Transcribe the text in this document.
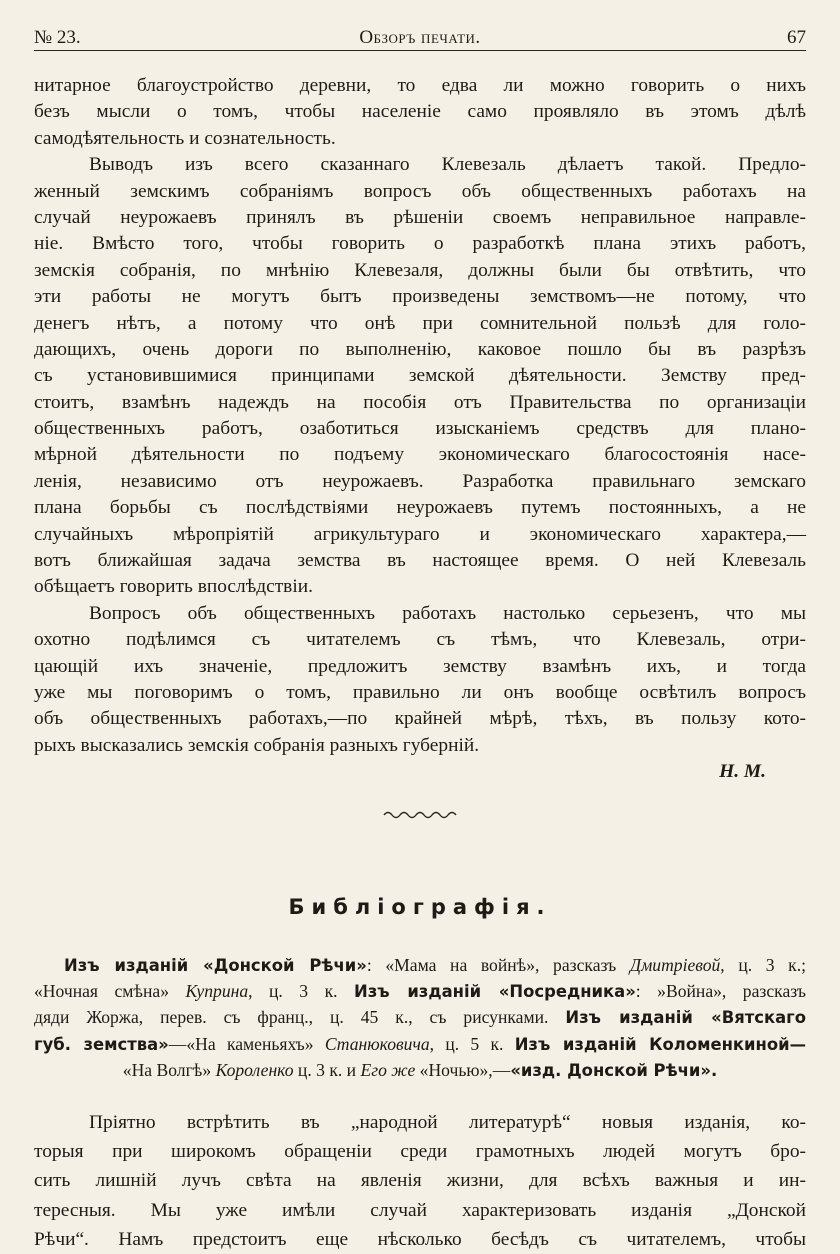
№ 23.	Обзоръ печати.	67
нитарное благоустройство деревни, то едва ли можно говорить о нихъ
безъ мысли о томъ, чтобы населеніе само проявляло въ этомъ дѣлѣ
самодѣятельность и сознательность.
Выводъ изъ всего сказаннаго Клевезаль дѣлаетъ такой. Предло-
женный земскимъ собраніямъ вопросъ объ общественныхъ работахъ на
случай неурожаевъ принялъ въ рѣшеніи своемъ неправильное направле-
ніе. Вмѣсто того, чтобы говорить о разработкѣ плана этихъ работъ,
земскія собранія, по мнѣнію Клевезаля, должны были бы отвѣтить, что
эти работы не могутъ бытъ произведены земствомъ—не потому, что
денегъ нѣтъ, а потому что онѣ при сомнительной пользѣ для голо-
дающихъ, очень дороги по выполненію, каковое пошло бы въ разрѣзъ
съ установившимися принципами земской дѣятельности. Земству пред-
стоитъ, взамѣнъ надеждъ на пособія отъ Правительства по организаціи
общественныхъ работъ, озаботиться изысканіемъ средствъ для плано-
мѣрной дѣятельности по подъему экономическаго благосостоянія насе-
ленія, независимо отъ неурожаевъ. Разработка правильнаго земскаго
плана борьбы съ послѣдствіями неурожаевъ путемъ постоянныхъ, а не
случайныхъ мѣропріятій агрикультураго и экономическаго характера,—
вотъ ближайшая задача земства въ настоящее время. О ней Клевезаль
обѣщаетъ говорить впослѣдствіи.
Вопросъ объ общественныхъ работахъ настолько серьезенъ, что мы
охотно подѣлимся съ читателемъ съ тѣмъ, что Клевезаль, отри-
цающій ихъ значеніе, предложитъ земству взамѣнъ ихъ, и тогда
уже мы поговоримъ о томъ, правильно ли онъ вообще освѣтилъ вопросъ
объ общественныхъ работахъ,—по крайней мѣрѣ, тѣхъ, въ пользу кото-
рыхъ высказались земскія собранія разныхъ губерній.
Н. М.
Библіографія.
Изъ изданій «Донской Рѣчи»: «Мама на войнѣ», разсказъ Дмитріевой, ц. 3 к.;
«Ночная смѣна» Куприна, ц. 3 к. Изъ изданій «Посредника»: »Война», разсказъ
дяди Жоржа, перев. съ франц., ц. 45 к., съ рисунками. Изъ изданій «Вятскаго
губ. земства»—«На каменьяхъ» Станюковича, ц. 5 к. Изъ изданій Коломенкиной—
«На Волгѣ» Короленко ц. 3 к. и Его же «Ночью»,—«изд. Донской Рѣчи».
Пріятно встрѣтить въ „народной литературѣ“ новыя изданія, ко-
торыя при широкомъ обращеніи среди грамотныхъ людей могутъ бро-
сить лишній лучъ свѣта на явленія жизни, для всѣхъ важныя и ин-
тересныя. Мы уже имѣли случай характеризовать изданія „Донской
Рѣчи“. Намъ предстоитъ еще нѣсколько бесѣдъ съ читателемъ, чтобы
